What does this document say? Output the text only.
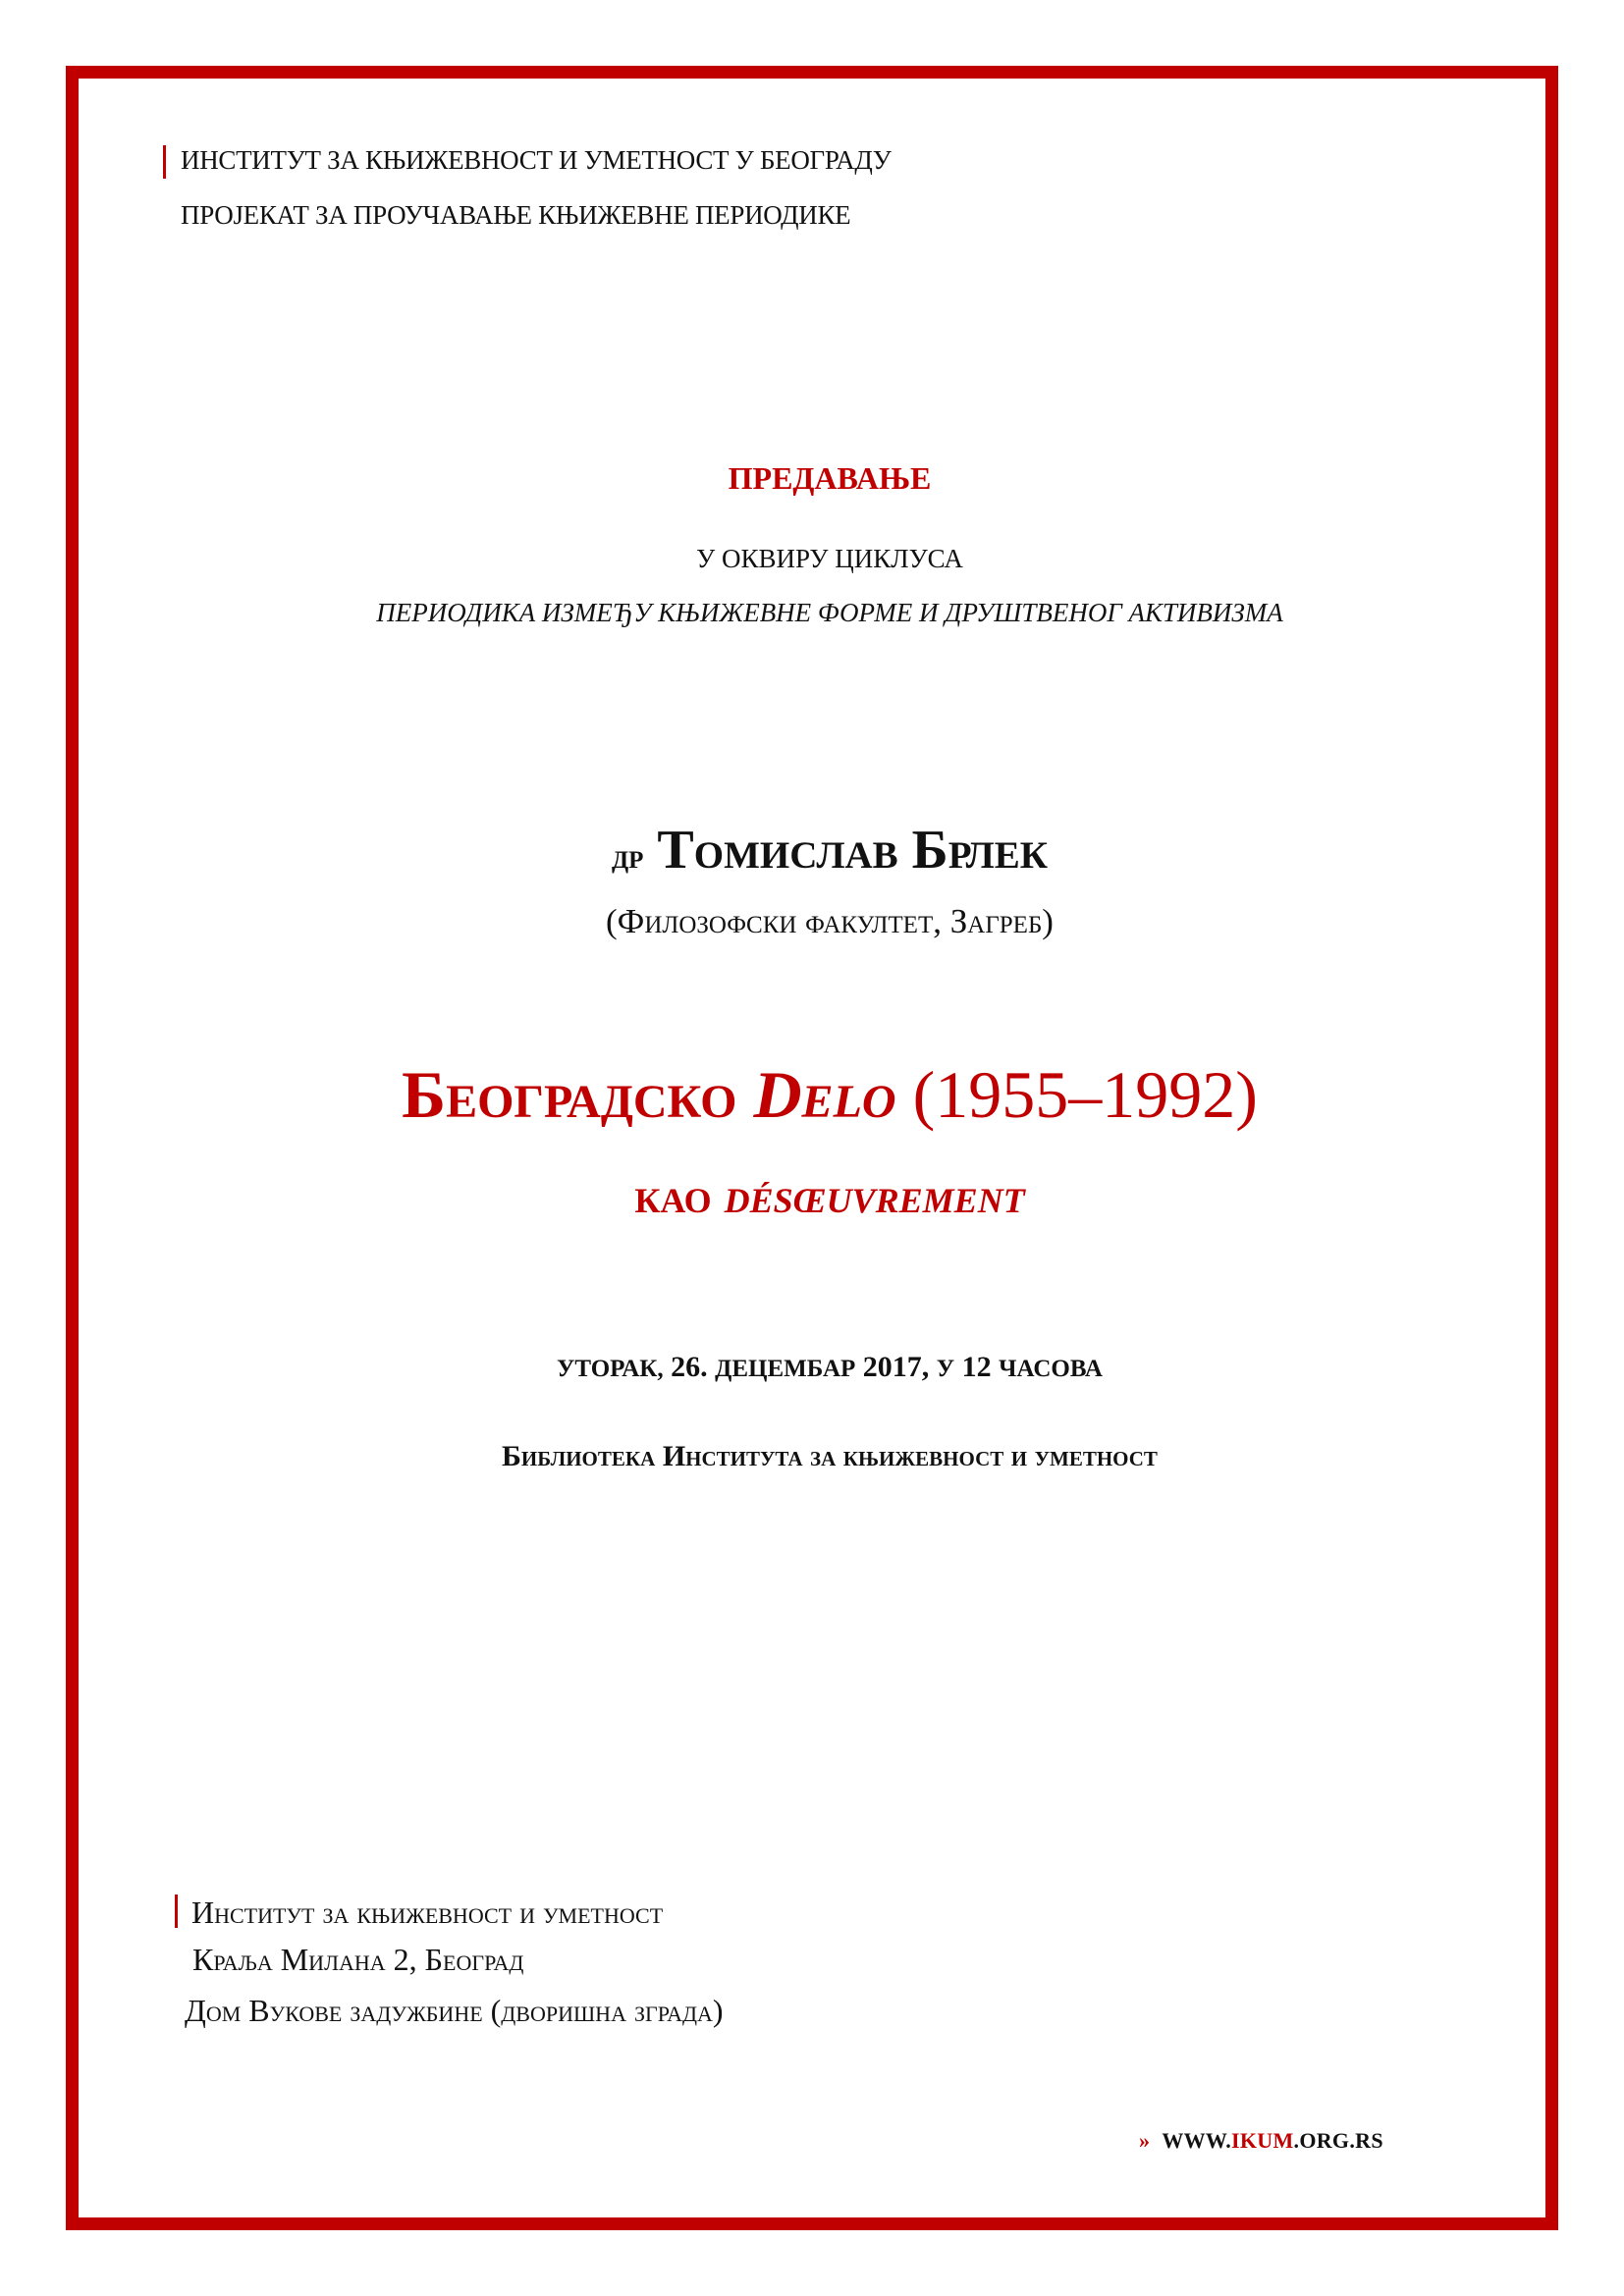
ИНСТИТУТ ЗА КЊИЖЕВНОСТ И УМЕТНОСТ У БЕОГРАДУ
ПРОЈЕКАТ ЗА ПРОУЧАВАЊЕ КЊИЖЕВНЕ ПЕРИОДИКЕ
ПРЕДАВАЊЕ
У ОКВИРУ ЦИКЛУСА
ПЕРИОДИКА ИЗМЕЂУ КЊИЖЕВНЕ ФОРМЕ И ДРУШТВЕНОГ АКТИВИЗМА
др Томислав Брлек
(Филозофски факултет, Загреб)
Београдско Delo (1955–1992)
као désœuvrement
УТОРАК, 26. ДЕЦЕМБАР 2017, У 12 ЧАСОВА
Библиотека Института за књижевност и уметност
Институт за књижевност и уметност
Краља Милана 2, Београд
Дом Вукове задужбине (дворишна зграда)
» WWW.IKUM.ORG.RS
